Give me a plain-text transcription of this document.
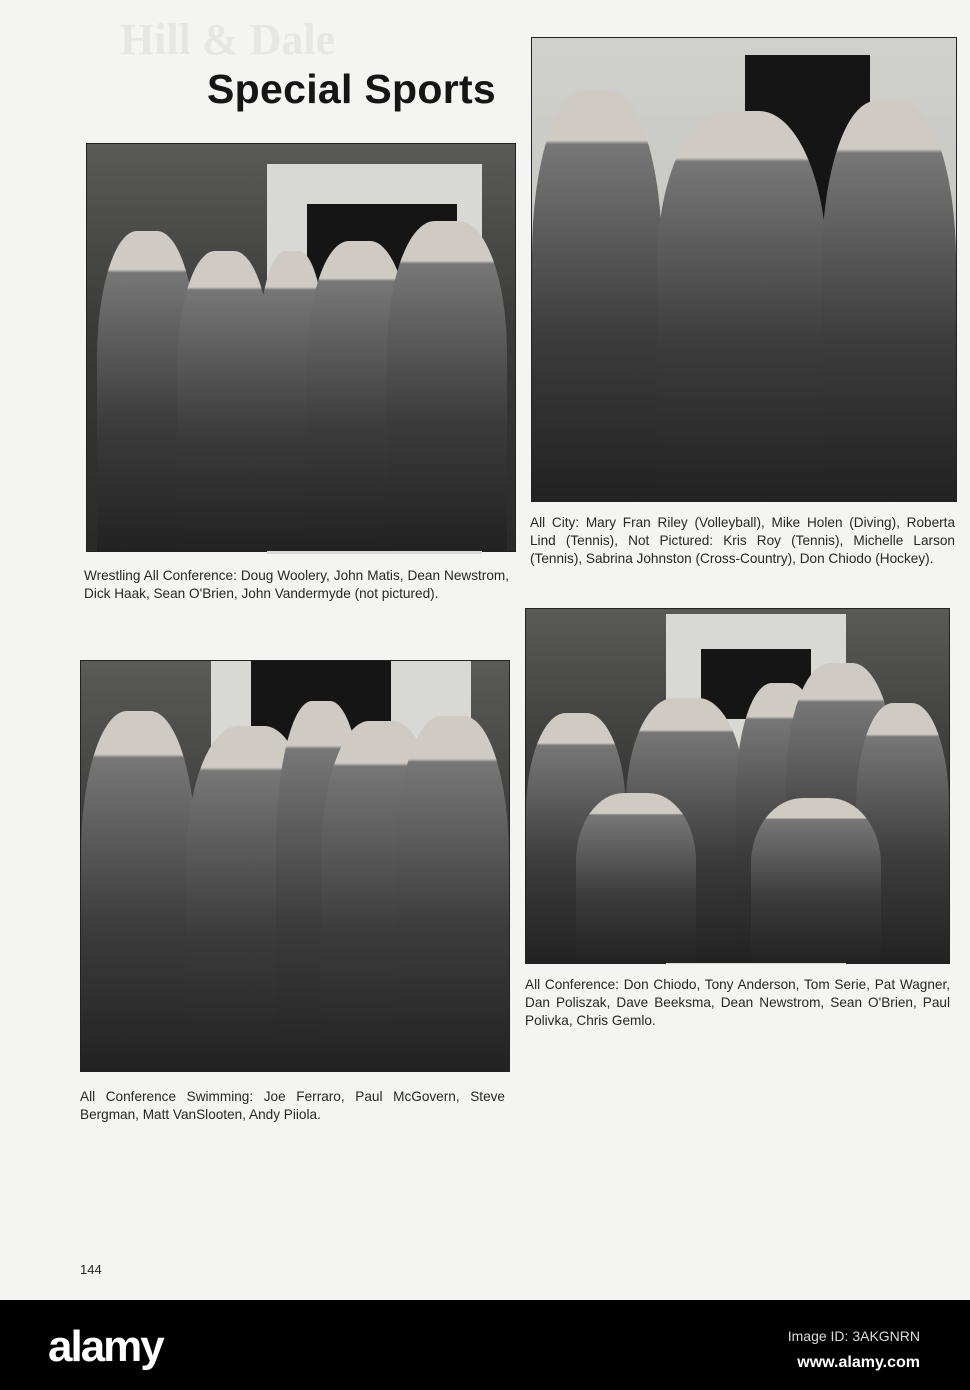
Hill & Dale
Special Sports
Wrestling All Conference: Doug Woolery, John Matis, Dean Newstrom, Dick Haak, Sean O'Brien, John Vandermyde (not pictured).
All City: Mary Fran Riley (Volleyball), Mike Holen (Diving), Roberta Lind (Tennis), Not Pictured: Kris Roy (Tennis), Michelle Larson (Tennis), Sabrina Johnston (Cross-Country), Don Chiodo (Hockey).
All Conference Swimming: Joe Ferraro, Paul McGovern, Steve Bergman, Matt VanSlooten, Andy Piiola.
All Conference: Don Chiodo, Tony Anderson, Tom Serie, Pat Wagner, Dan Poliszak, Dave Beeksma, Dean Newstrom, Sean O'Brien, Paul Polivka, Chris Gemlo.
144
alamy	Image ID: 3AKGNRN
www.alamy.com
